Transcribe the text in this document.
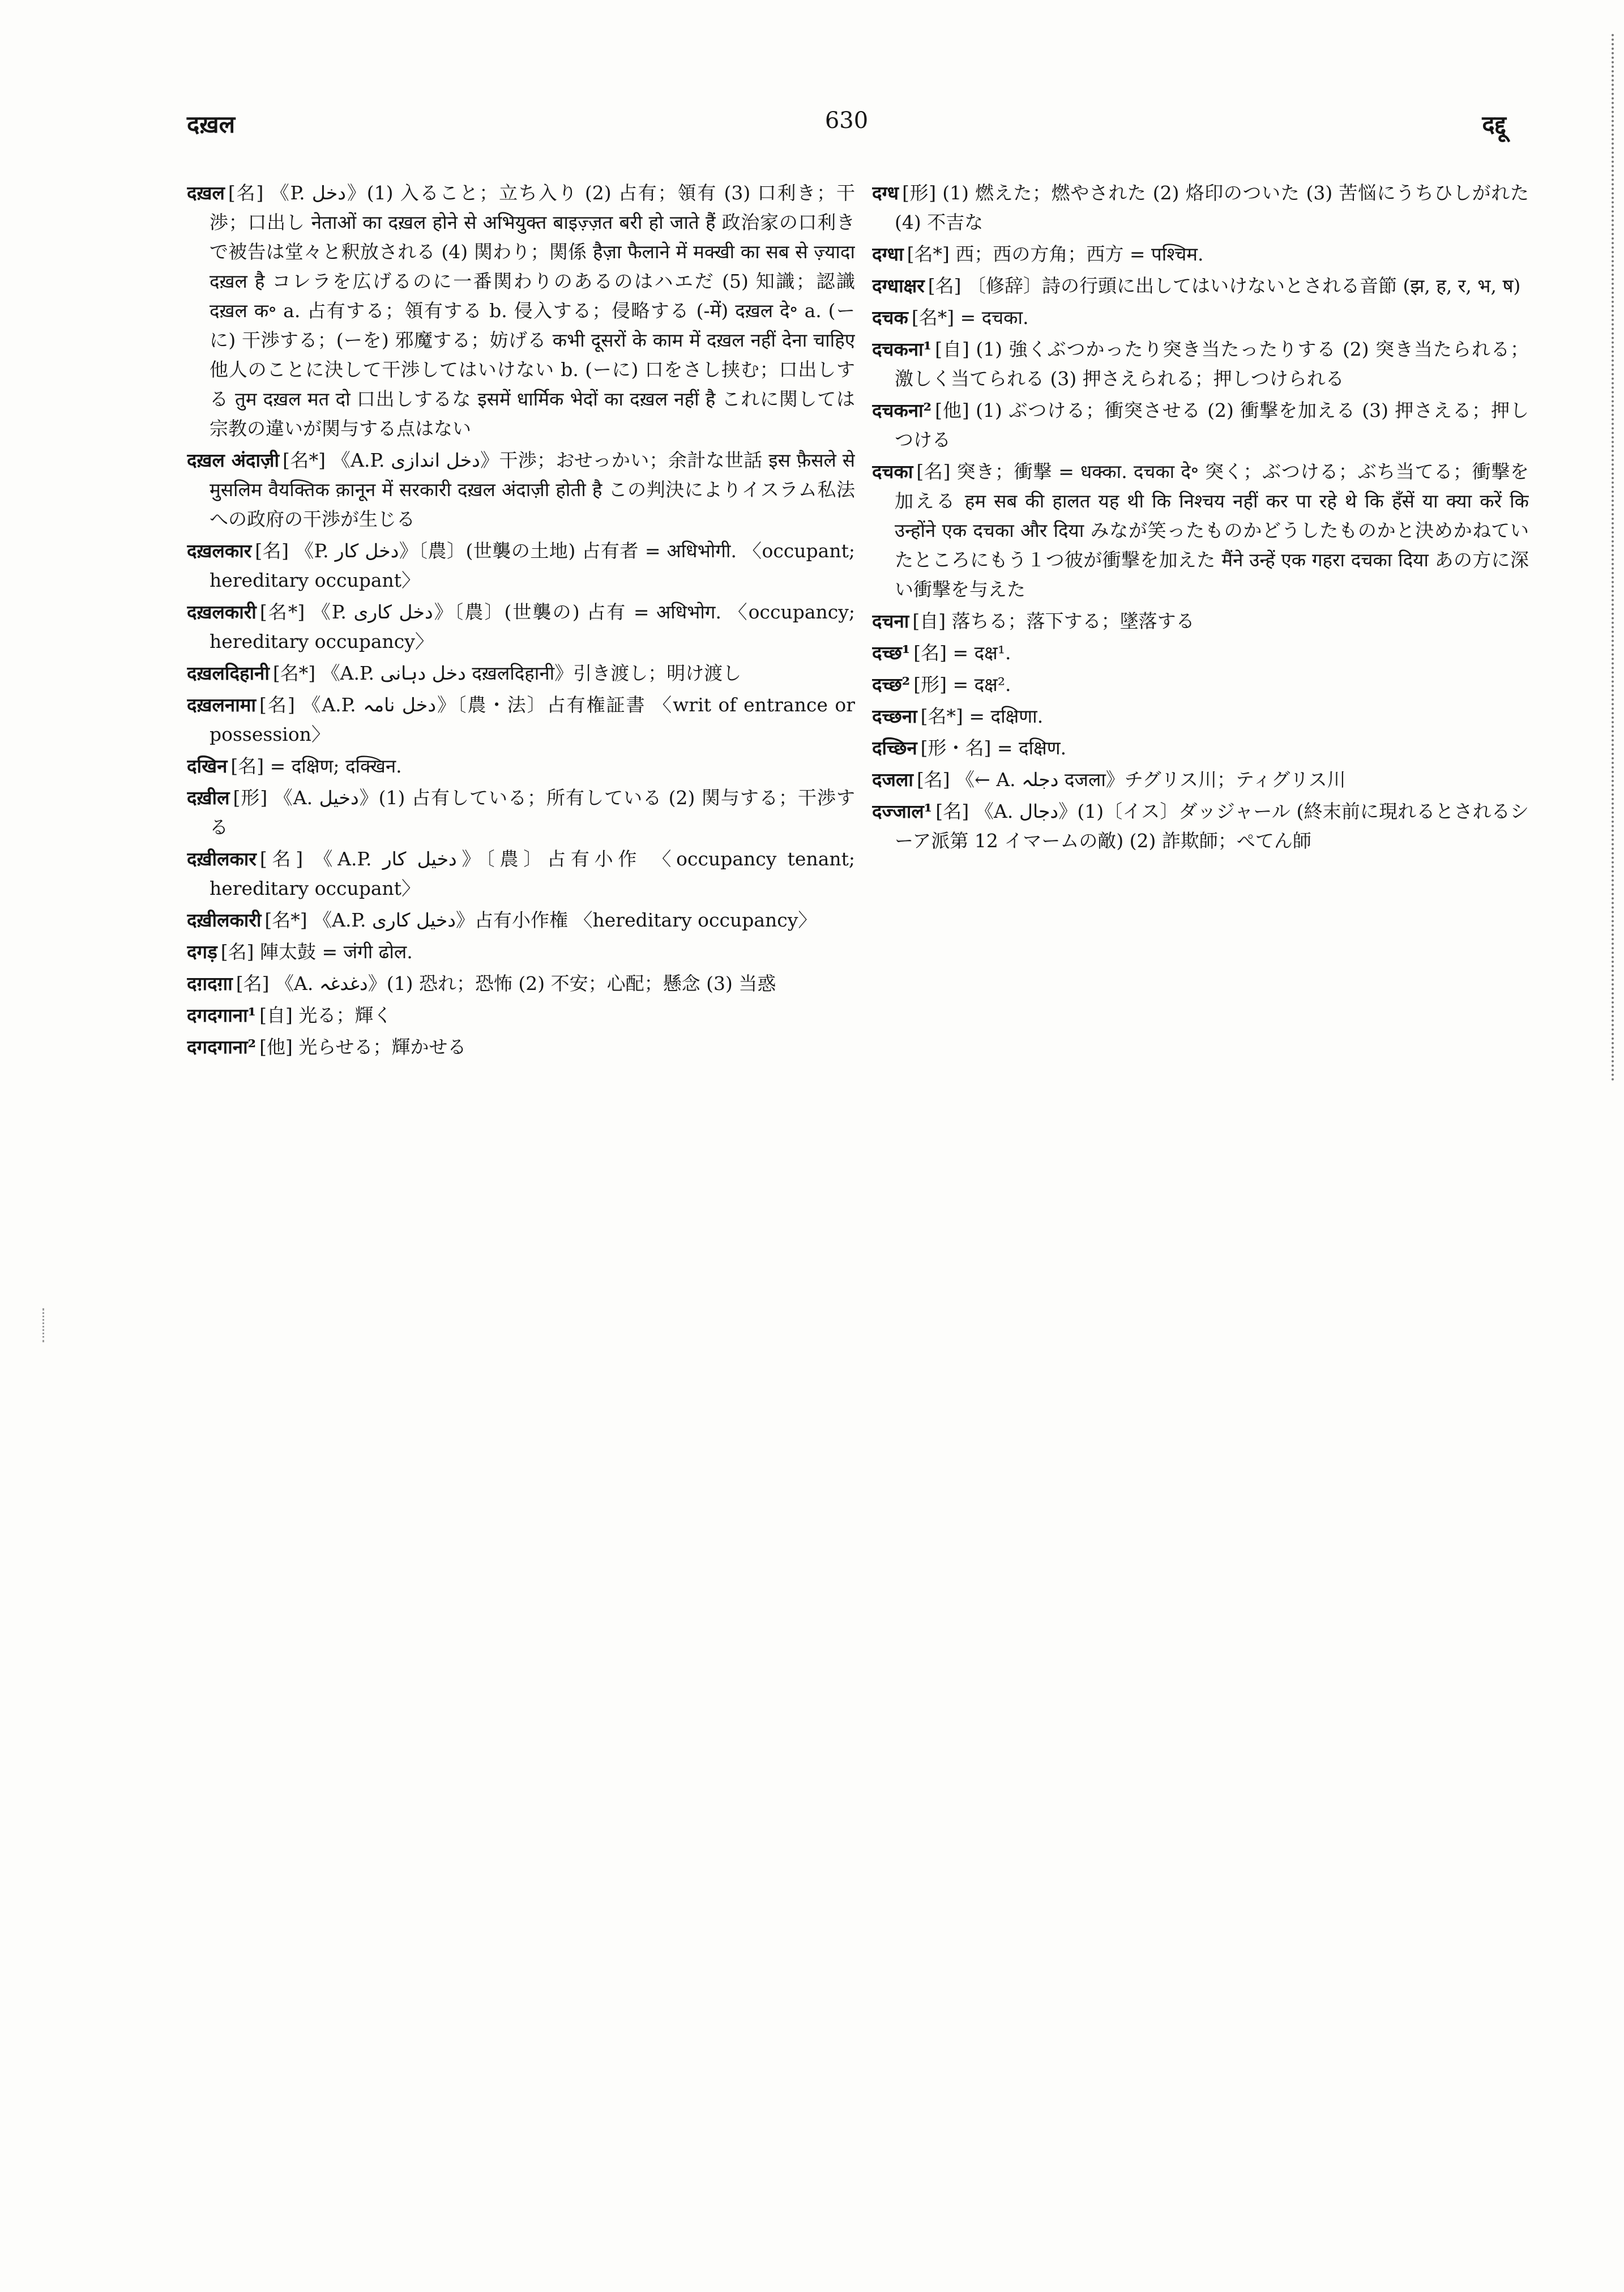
दख़ल	630	दद्दू
दख़ल [名] 《P. دخل》(1) 入ること；立ち入り (2) 占有；領有 (3) 口利き；干渉；口出し नेताओं का दख़ल होने से अभियुक्त बाइज़्ज़त बरी हो जाते हैं 政治家の口利きで被告は堂々と釈放される (4) 関わり；関係 हैज़ा फैलाने में मक्खी का सब से ज़्यादा दख़ल है コレラを広げるのに一番関わりのあるのはハエだ (5) 知識；認識 दख़ल क॰ a. 占有する；領有する b. 侵入する；侵略する (-में) दख़ल दे॰ a. (ーに) 干渉する；(ーを) 邪魔する；妨げる कभी दूसरों के काम में दख़ल नहीं देना चाहिए 他人のことに決して干渉してはいけない b. (ーに) 口をさし挟む；口出しする तुम दख़ल मत दो 口出しするな इसमें धार्मिक भेदों का दख़ल नहीं है これに関しては宗教の違いが関与する点はない
दख़ल अंदाज़ी [名*] 《A.P. دخل اندازی》干渉；おせっかい；余計な世話 इस फ़ैसले से मुसलिम वैयक्तिक क़ानून में सरकारी दख़ल अंदाज़ी होती है この判決によりイスラム私法への政府の干渉が生じる
दख़लकार [名] 《P. دخل کار》〔農〕(世襲の土地) 占有者 = अधिभोगी. 〈occupant; hereditary occupant〉
दख़लकारी [名*] 《P. دخل کاری》〔農〕(世襲の) 占有 = अधिभोग. 〈occupancy; hereditary occupancy〉
दख़लदिहानी [名*] 《A.P. دخل دہانی दख़लदिहानी》引き渡し；明け渡し
दख़लनामा [名] 《A.P. دخل نامہ》〔農・法〕占有権証書 〈writ of entrance or possession〉
दखिन [名] = दक्षिण; दक्खिन.
दख़ील [形] 《A. دخیل》(1) 占有している；所有している (2) 関与する；干渉する
दख़ीलकार [名] 《A.P. دخیل کار》〔農〕占有小作 〈occupancy tenant; hereditary occupant〉
दख़ीलकारी [名*] 《A.P. دخیل کاری》占有小作権 〈hereditary occupancy〉
दगड़ [名] 陣太鼓 = जंगी ढोल.
दग़दग़ा [名] 《A. دغدغہ》(1) 恐れ；恐怖 (2) 不安；心配；懸念 (3) 当惑
दगदगाना¹ [自] 光る；輝く
दगदगाना² [他] 光らせる；輝かせる
दग्ध [形] (1) 燃えた；燃やされた (2) 烙印のついた (3) 苦悩にうちひしがれた (4) 不吉な
दग्धा [名*] 西；西の方角；西方 = पश्चिम.
दग्धाक्षर [名] 〔修辞〕詩の行頭に出してはいけないとされる音節 (झ, ह, र, भ, ष)
दचक [名*] = दचका.
दचकना¹ [自] (1) 強くぶつかったり突き当たったりする (2) 突き当たられる；激しく当てられる (3) 押さえられる；押しつけられる
दचकना² [他] (1) ぶつける；衝突させる (2) 衝撃を加える (3) 押さえる；押しつける
दचका [名] 突き；衝撃 = धक्का. दचका दे॰ 突く；ぶつける；ぶち当てる；衝撃を加える हम सब की हालत यह थी कि निश्चय नहीं कर पा रहे थे कि हँसें या क्या करें कि उन्होंने एक दचका और दिया みなが笑ったものかどうしたものかと決めかねていたところにもう１つ彼が衝撃を加えた मैंने उन्हें एक गहरा दचका दिया あの方に深い衝撃を与えた
दचना [自] 落ちる；落下する；墜落する
दच्छ¹ [名] = दक्ष¹.
दच्छ² [形] = दक्ष².
दच्छना [名*] = दक्षिणा.
दच्छिन [形・名] = दक्षिण.
दजला [名] 《← A. دجلہ दजला》チグリス川；ティグリス川
दज्जाल¹ [名] 《A. دجال》(1)〔イス〕ダッジャール (終末前に現れるとされるシーア派第 12 イマームの敵) (2) 詐欺師；ぺてん師
